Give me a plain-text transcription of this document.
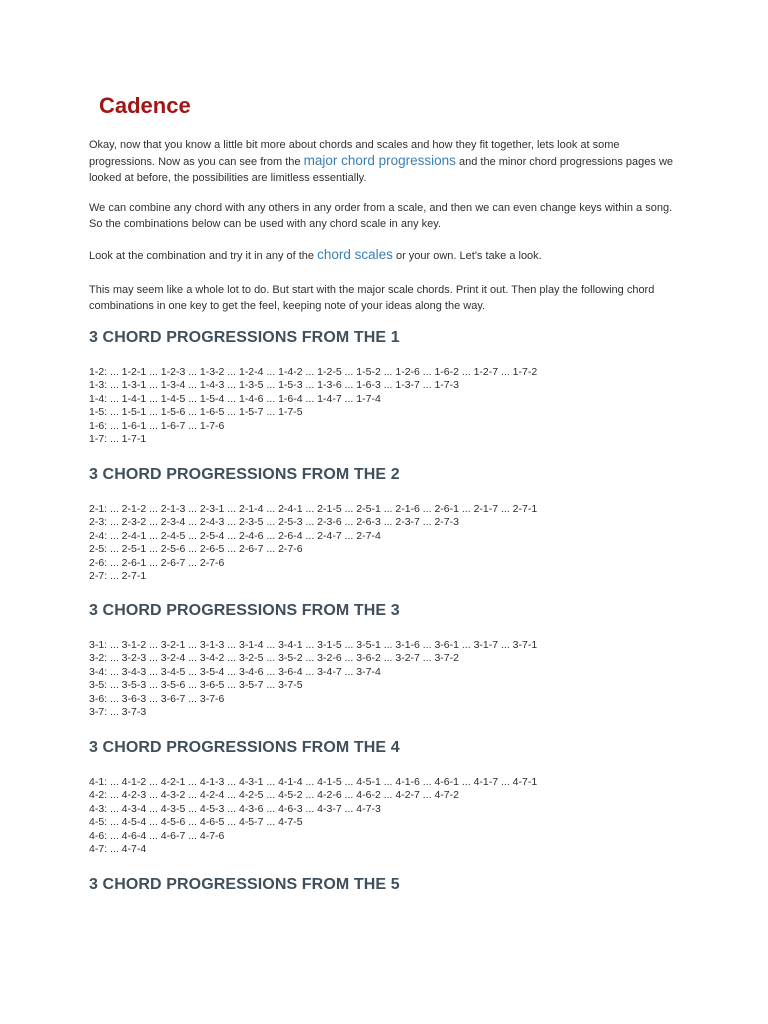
Cadence

Okay, now that you know a little bit more about chords and scales and how they fit together, lets look at some progressions. Now as you can see from the major chord progressions and the minor chord progressions pages we looked at before, the possibilities are limitless essentially.

We can combine any chord with any others in any order from a scale, and then we can even change keys within a song. So the combinations below can be used with any chord scale in any key.

Look at the combination and try it in any of the chord scales or your own. Let's take a look.

This may seem like a whole lot to do. But start with the major scale chords. Print it out. Then play the following chord combinations in one key to get the feel, keeping note of your ideas along the way.

3 CHORD PROGRESSIONS FROM THE 1
1-2: ... 1-2-1 ... 1-2-3 ... 1-3-2 ... 1-2-4 ... 1-4-2 ... 1-2-5 ... 1-5-2 ... 1-2-6 ... 1-6-2 ... 1-2-7 ... 1-7-2
1-3: ... 1-3-1 ... 1-3-4 ... 1-4-3 ... 1-3-5 ... 1-5-3 ... 1-3-6 ... 1-6-3 ... 1-3-7 ... 1-7-3
1-4: ... 1-4-1 ... 1-4-5 ... 1-5-4 ... 1-4-6 ... 1-6-4 ... 1-4-7 ... 1-7-4
1-5: ... 1-5-1 ... 1-5-6 ... 1-6-5 ... 1-5-7 ... 1-7-5
1-6: ... 1-6-1 ... 1-6-7 ... 1-7-6
1-7: ... 1-7-1
3 CHORD PROGRESSIONS FROM THE 2
2-1: ... 2-1-2 ... 2-1-3 ... 2-3-1 ... 2-1-4 ... 2-4-1 ... 2-1-5 ... 2-5-1 ... 2-1-6 ... 2-6-1 ... 2-1-7 ... 2-7-1
2-3: ... 2-3-2 ... 2-3-4 ... 2-4-3 ... 2-3-5 ... 2-5-3 ... 2-3-6 ... 2-6-3 ... 2-3-7 ... 2-7-3
2-4: ... 2-4-1 ... 2-4-5 ... 2-5-4 ... 2-4-6 ... 2-6-4 ... 2-4-7 ... 2-7-4
2-5: ... 2-5-1 ... 2-5-6 ... 2-6-5 ... 2-6-7 ... 2-7-6
2-6: ... 2-6-1 ... 2-6-7 ... 2-7-6
2-7: ... 2-7-1
3 CHORD PROGRESSIONS FROM THE 3
3-1: ... 3-1-2 ... 3-2-1 ... 3-1-3 ... 3-1-4 ... 3-4-1 ... 3-1-5 ... 3-5-1 ... 3-1-6 ... 3-6-1 ... 3-1-7 ... 3-7-1
3-2: ... 3-2-3 ... 3-2-4 ... 3-4-2 ... 3-2-5 ... 3-5-2 ... 3-2-6 ... 3-6-2 ... 3-2-7 ... 3-7-2
3-4: ... 3-4-3 ... 3-4-5 ... 3-5-4 ... 3-4-6 ... 3-6-4 ... 3-4-7 ... 3-7-4
3-5: ... 3-5-3 ... 3-5-6 ... 3-6-5 ... 3-5-7 ... 3-7-5
3-6: ... 3-6-3 ... 3-6-7 ... 3-7-6
3-7: ... 3-7-3
3 CHORD PROGRESSIONS FROM THE 4
4-1: ... 4-1-2 ... 4-2-1 ... 4-1-3 ... 4-3-1 ... 4-1-4 ... 4-1-5 ... 4-5-1 ... 4-1-6 ... 4-6-1 ... 4-1-7 ... 4-7-1
4-2: ... 4-2-3 ... 4-3-2 ... 4-2-4 ... 4-2-5 ... 4-5-2 ... 4-2-6 ... 4-6-2 ... 4-2-7 ... 4-7-2
4-3: ... 4-3-4 ... 4-3-5 ... 4-5-3 ... 4-3-6 ... 4-6-3 ... 4-3-7 ... 4-7-3
4-5: ... 4-5-4 ... 4-5-6 ... 4-6-5 ... 4-5-7 ... 4-7-5
4-6: ... 4-6-4 ... 4-6-7 ... 4-7-6
4-7: ... 4-7-4
3 CHORD PROGRESSIONS FROM THE 5
